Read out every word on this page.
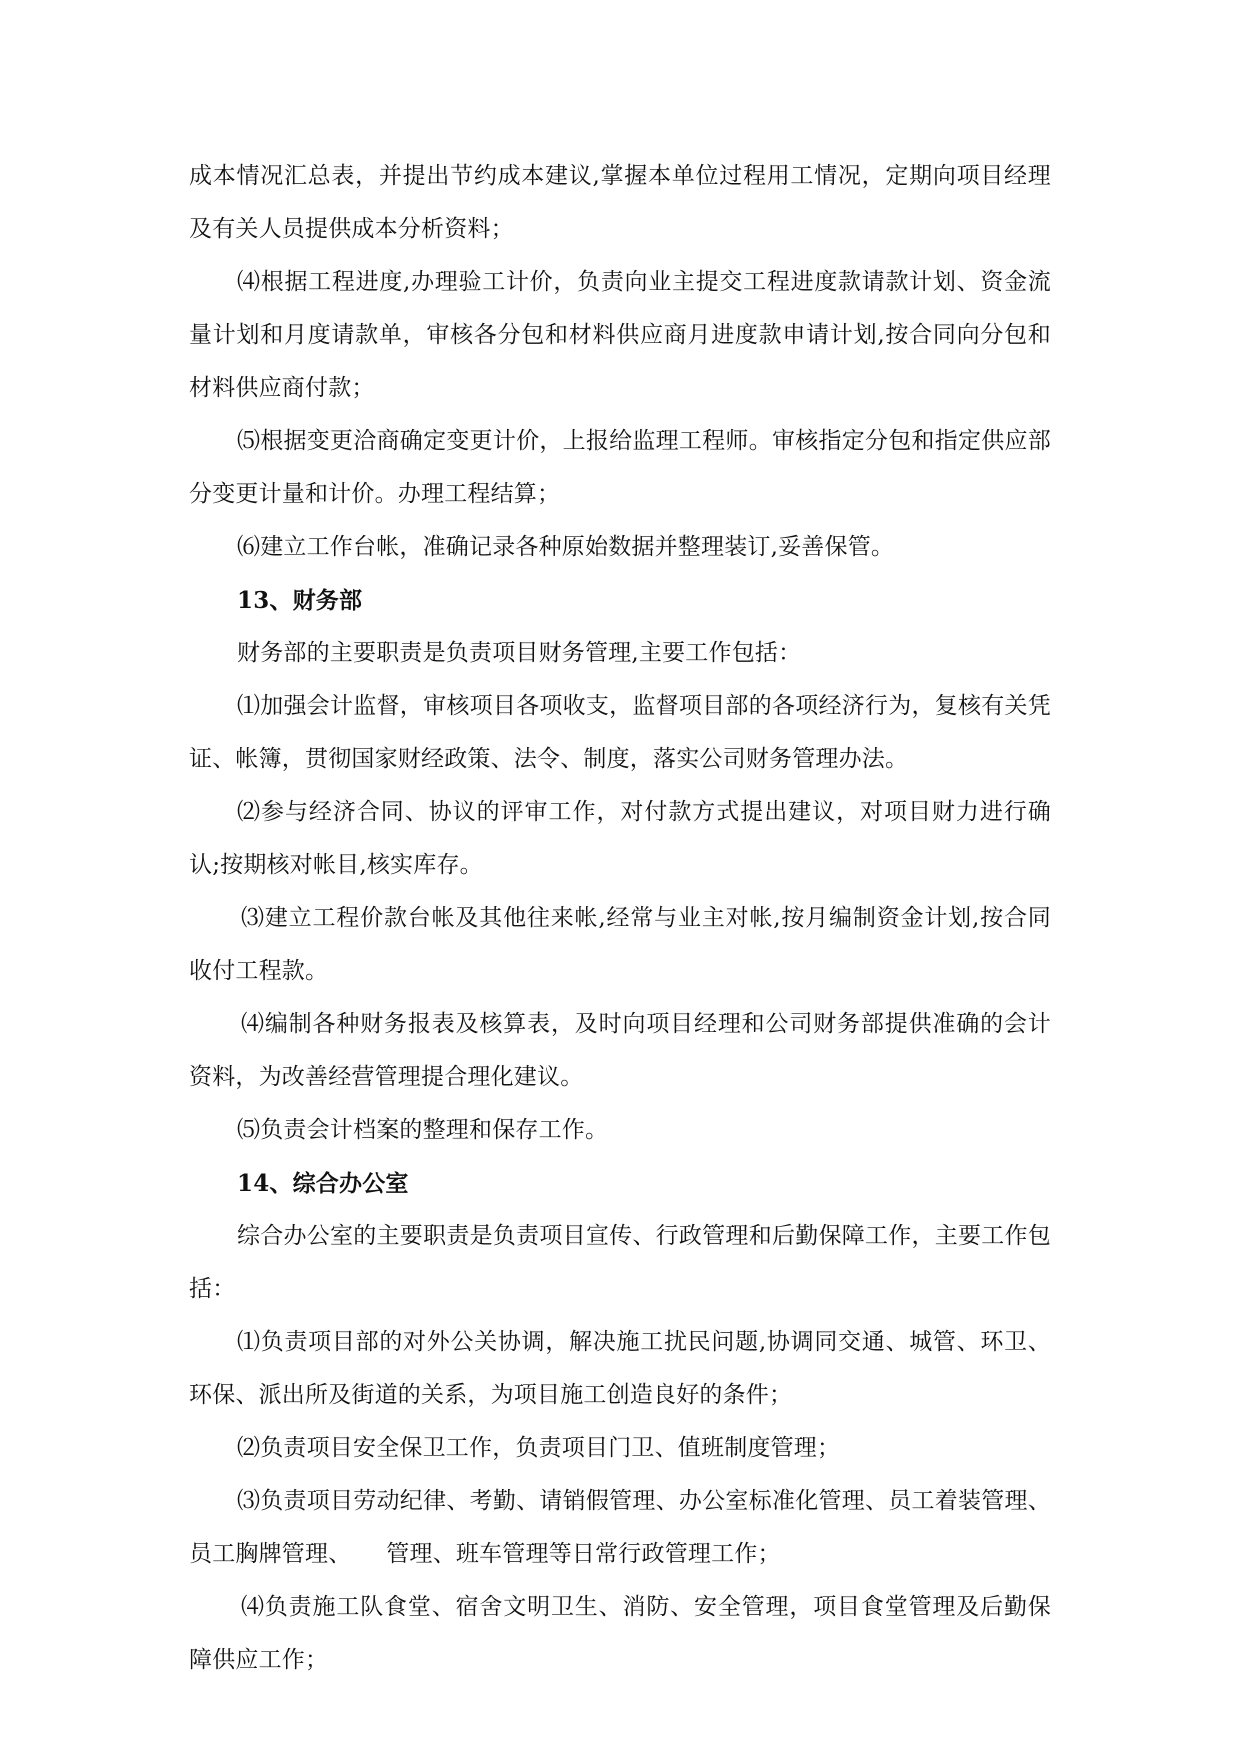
成本情况汇总表，并提出节约成本建议,掌握本单位过程用工情况，定期向项目经理及有关人员提供成本分析资料；

⑷根据工程进度,办理验工计价，负责向业主提交工程进度款请款计划、资金流量计划和月度请款单，审核各分包和材料供应商月进度款申请计划,按合同向分包和材料供应商付款；

⑸根据变更洽商确定变更计价，上报给监理工程师。审核指定分包和指定供应部分变更计量和计价。办理工程结算；

⑹建立工作台帐，准确记录各种原始数据并整理装订,妥善保管。

13、财务部

财务部的主要职责是负责项目财务管理,主要工作包括：

⑴加强会计监督，审核项目各项收支，监督项目部的各项经济行为，复核有关凭证、帐簿，贯彻国家财经政策、法令、制度，落实公司财务管理办法。

⑵参与经济合同、协议的评审工作，对付款方式提出建议，对项目财力进行确认;按期核对帐目,核实库存。

⑶建立工程价款台帐及其他往来帐,经常与业主对帐,按月编制资金计划,按合同收付工程款。

⑷编制各种财务报表及核算表，及时向项目经理和公司财务部提供准确的会计资料，为改善经营管理提合理化建议。

⑸负责会计档案的整理和保存工作。

14、综合办公室

综合办公室的主要职责是负责项目宣传、行政管理和后勤保障工作，主要工作包括：

⑴负责项目部的对外公关协调，解决施工扰民问题,协调同交通、城管、环卫、环保、派出所及街道的关系，为项目施工创造良好的条件；

⑵负责项目安全保卫工作，负责项目门卫、值班制度管理；

⑶负责项目劳动纪律、考勤、请销假管理、办公室标准化管理、员工着装管理、员工胸牌管理、　　管理、班车管理等日常行政管理工作；

⑷负责施工队食堂、宿舍文明卫生、消防、安全管理，项目食堂管理及后勤保障供应工作；
